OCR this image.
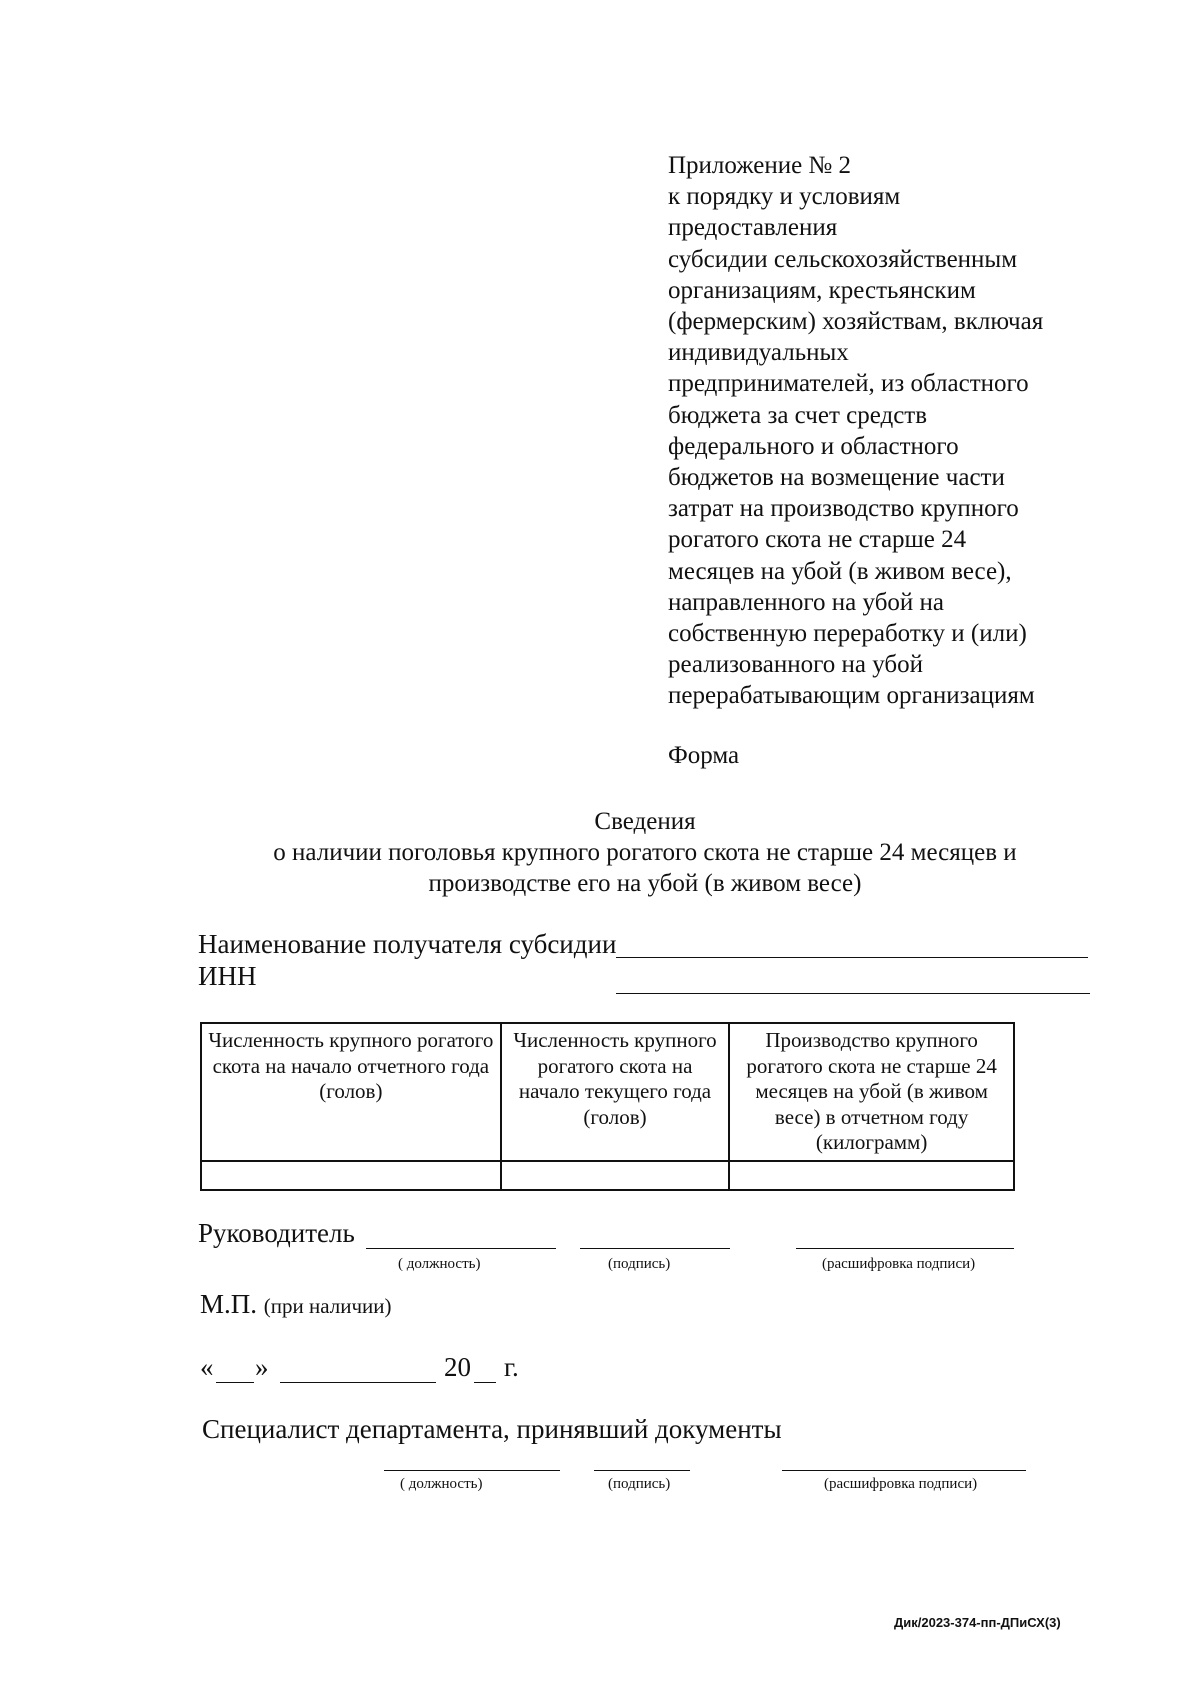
Приложение № 2
к порядку и условиям
предоставления
субсидии сельскохозяйственным
организациям, крестьянским
(фермерским) хозяйствам, включая
индивидуальных
предпринимателей, из областного
бюджета за счет средств
федерального и областного
бюджетов на возмещение части
затрат на производство крупного
рогатого скота не старше 24
месяцев на убой (в живом весе),
направленного на убой на
собственную переработку и (или)
реализованного на убой
перерабатывающим организациям
Форма
Сведения
о наличии поголовья крупного рогатого скота не старше 24 месяцев и
производстве его на убой (в живом весе)
Наименование получателя субсидии
ИНН
Численность крупного рогатого скота на начало отчетного года (голов)	Численность крупного рогатого скота на начало текущего года (голов)	Производство крупного рогатого скота не старше 24 месяцев на убой (в живом весе) в отчетном году (килограмм)

Руководитель
( должность)	(подпись)	(расшифровка подписи)
М.П. (при наличии)
« »	20 г.
Специалист департамента, принявший документы
( должность)	(подпись)	(расшифровка подписи)
Дик/2023-374-пп-ДПиСХ(3)
